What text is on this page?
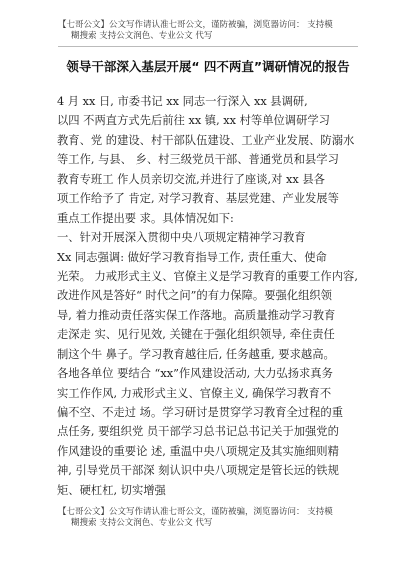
【七哥公文】公文写作请认准七哥公文，谨防被骗，浏览器访问： 支持模
糊搜索 支持公文润色、专业公文 代写
领导干部深入基层开展“ 四不两直”调研情况的报告
4 月 xx 日, 市委书记 xx 同志一行深入 xx 县调研,
以四 不两直方式先后前往 xx 镇, xx 村等单位调研学习
教育、党 的建设、村干部队伍建设、工业产业发展、防溺水
等工作, 与县、 乡、村三级党员干部、普通党员和县学习
教育专班工 作人员亲切交流,并进行了座谈,对 xx 县各
项工作给予了 肯定, 对学习教育、基层党建、产业发展等
重点工作提出要 求。具体情况如下:
一、针对开展深入贯彻中央八项规定精神学习教育
Xx 同志强调: 做好学习教育指导工作, 责任重大、使命
光荣。 力戒形式主义、官僚主义是学习教育的重要工作内容,
改进作风是答好“ 时代之问”的有力保障。要强化组织领
导, 着力推动责任落实保工作落地。高质量推动学习教育
走深走 实、见行见效, 关键在于强化组织领导, 牵住责任
制这个牛 鼻子。学习教育越往后, 任务越重, 要求越高。
各地各单位 要结合 “xx”作风建设活动, 大力弘扬求真务
实工作作风, 力戒形式主义、官僚主义, 确保学习教育不
偏不空、不走过 场。学习研讨是贯穿学习教育全过程的重
点任务, 要组织党 员干部学习总书记总书记关于加强党的
作风建设的重要论 述, 重温中央八项规定及其实施细则精
神, 引导党员干部深 刻认识中央八项规定是管长远的铁规
矩、硬杠杠, 切实增强
【七哥公文】公文写作请认准七哥公文，谨防被骗，浏览器访问： 支持模
糊搜索 支持公文润色、专业公文 代写
